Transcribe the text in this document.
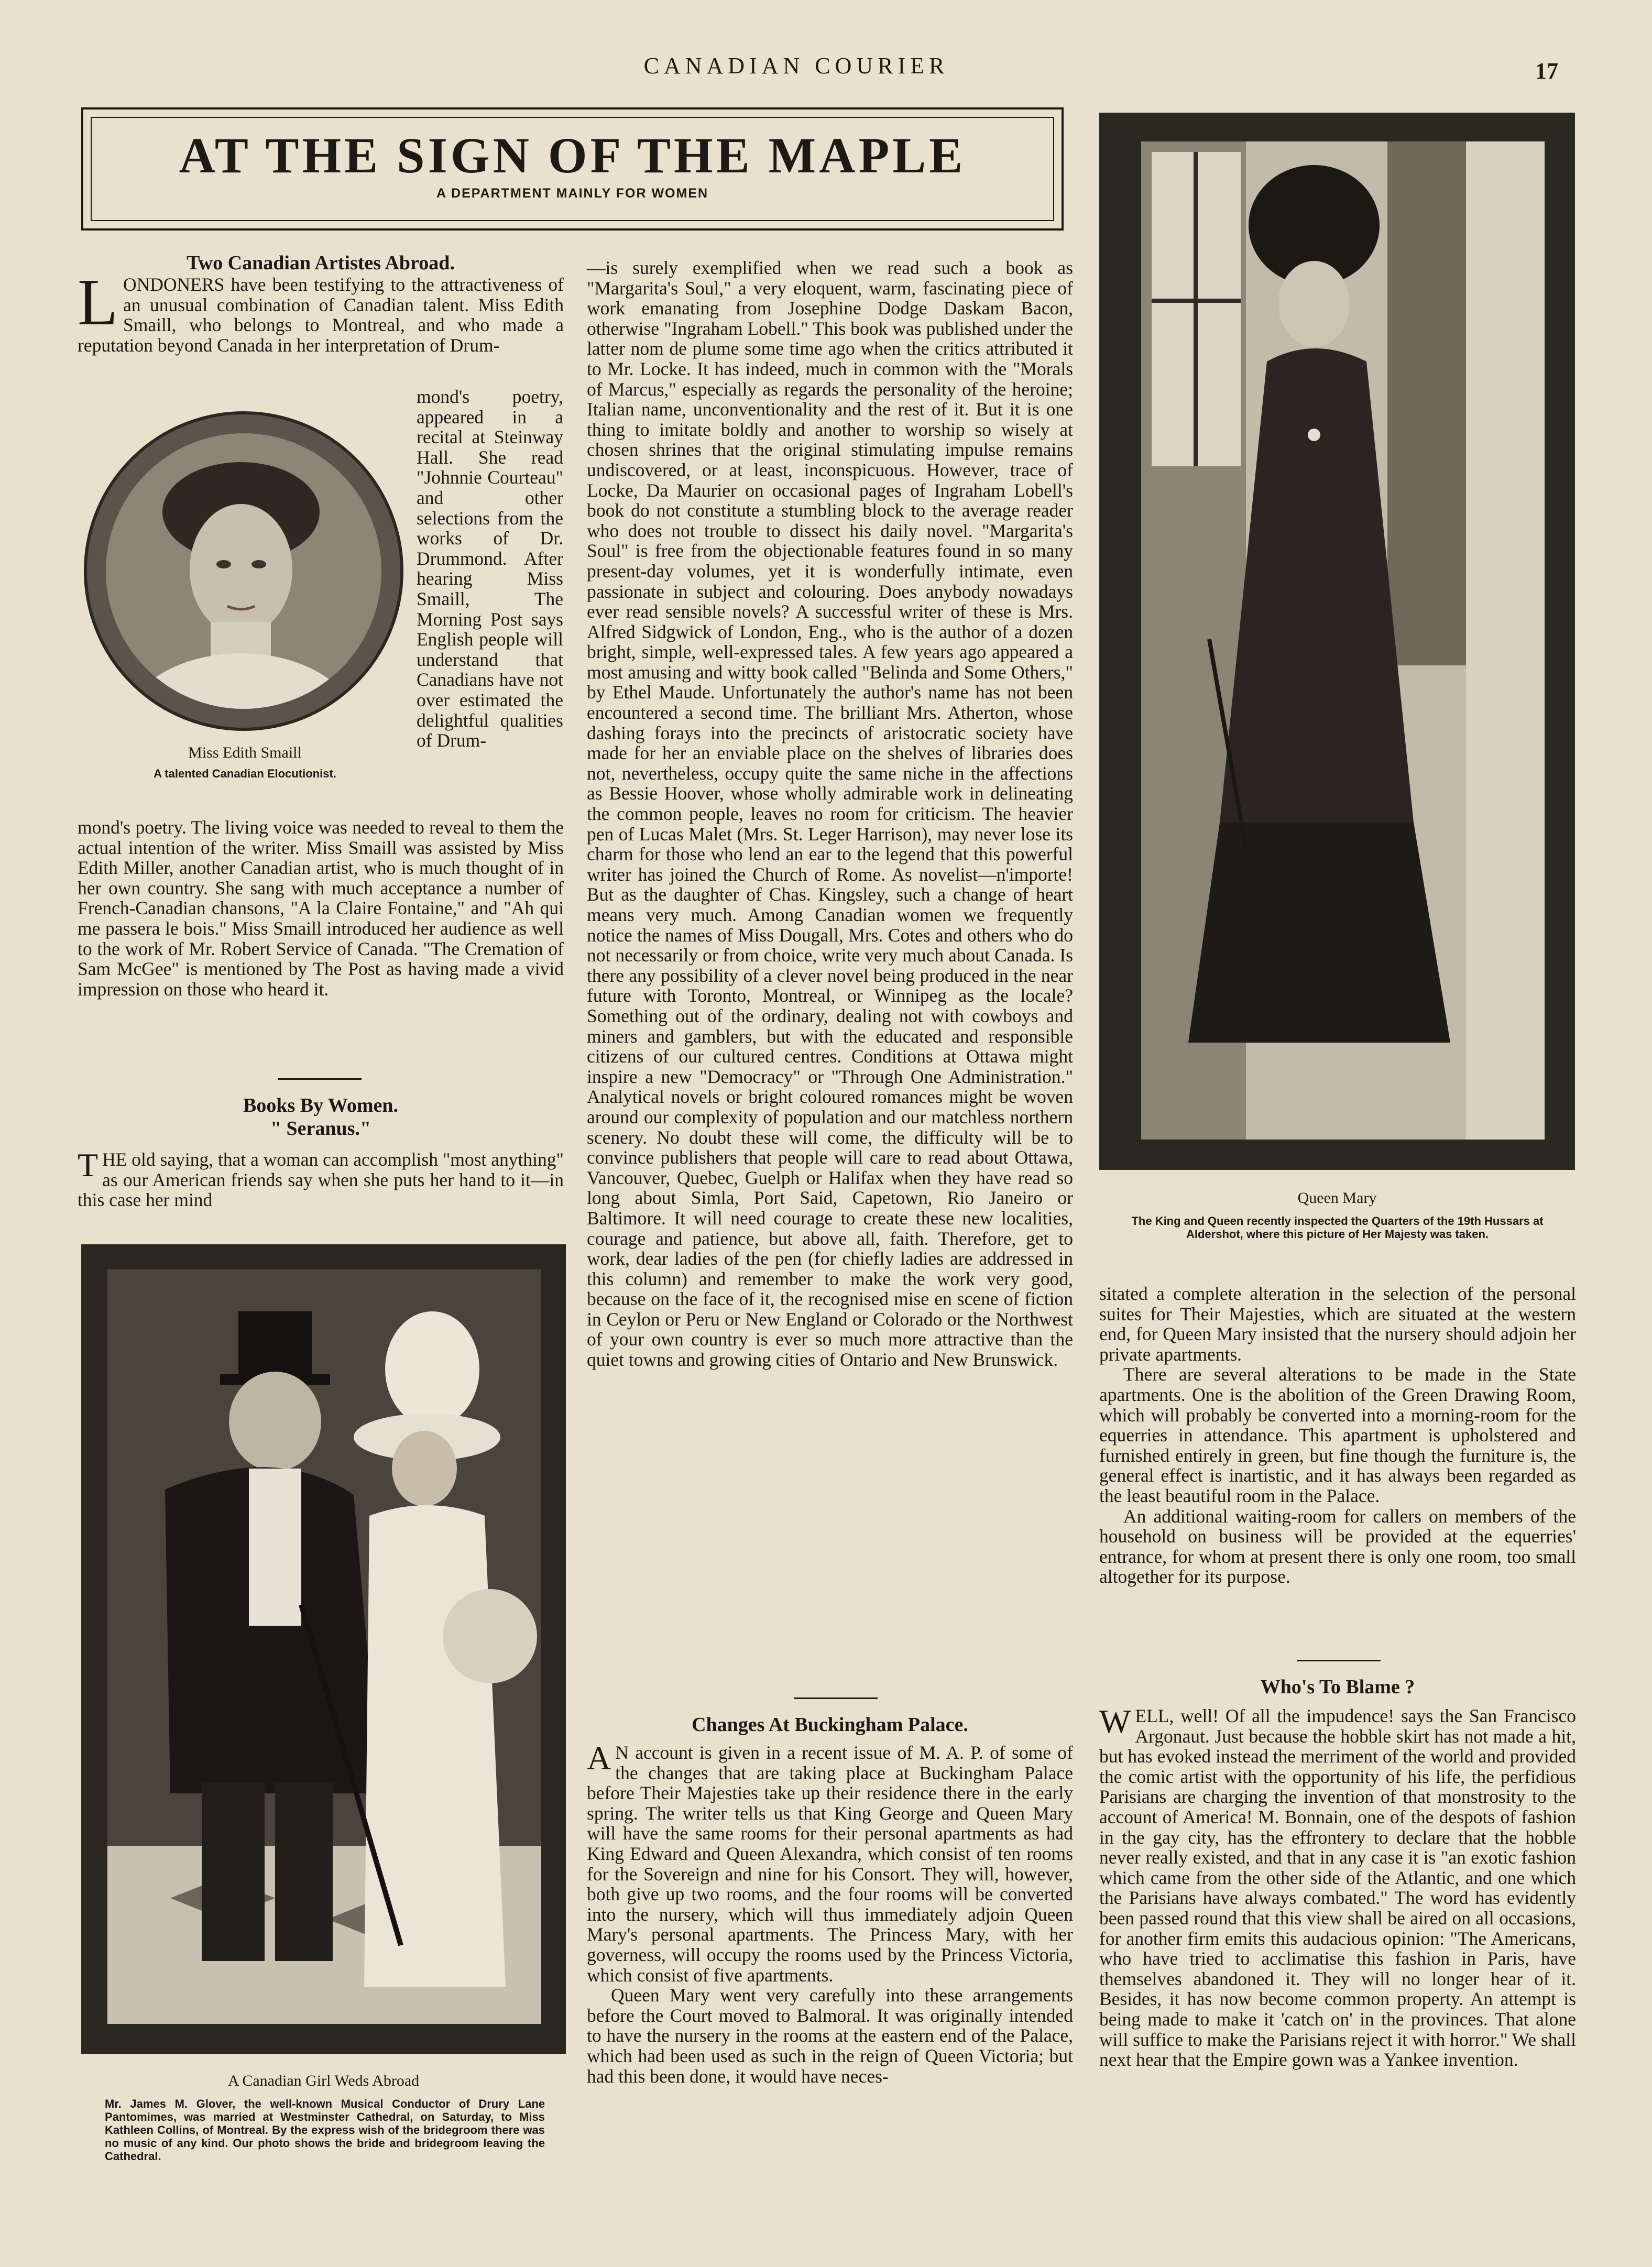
CANADIAN COURIER	17
AT THE SIGN OF THE MAPLE
A DEPARTMENT MAINLY FOR WOMEN
Two Canadian Artistes Abroad.

L ONDONERS have been testifying to the attractiveness of an unusual combination of Canadian talent. Miss Edith Smaill, who belongs to Montreal, and who made a reputation beyond Canada in her interpretation of Drum-

Miss Edith Smaill
A talented Canadian Elocutionist.

mond's poetry, appeared in a recital at Steinway Hall. She read "Johnnie Courteau" and other selections from the works of Dr. Drummond. After hearing Miss Smaill, The Morning Post says English people will understand that Canadians have not over estimated the delightful qualities of Drum-

mond's poetry. The living voice was needed to reveal to them the actual intention of the writer. Miss Smaill was assisted by Miss Edith Miller, another Canadian artist, who is much thought of in her own country. She sang with much acceptance a number of French-Canadian chansons, "A la Claire Fontaine," and "Ah qui me passera le bois." Miss Smaill introduced her audience as well to the work of Mr. Robert Service of Canada. "The Cremation of Sam McGee" is mentioned by The Post as having made a vivid impression on those who heard it.

Books By Women.
" Seranus."

T HE old saying, that a woman can accomplish "most anything" as our American friends say when she puts her hand to it—in this case her mind

A Canadian Girl Weds Abroad
Mr. James M. Glover, the well-known Musical Conductor of Drury Lane Pantomimes, was married at Westminster Cathedral, on Saturday, to Miss Kathleen Collins, of Montreal. By the express wish of the bridegroom there was no music of any kind. Our photo shows the bride and bridegroom leaving the Cathedral.

—is surely exemplified when we read such a book as "Margarita's Soul," a very eloquent, warm, fascinating piece of work emanating from Josephine Dodge Daskam Bacon, otherwise "Ingraham Lobell." This book was published under the latter nom de plume some time ago when the critics attributed it to Mr. Locke. It has indeed, much in common with the "Morals of Marcus," especially as regards the personality of the heroine; Italian name, unconventionality and the rest of it. But it is one thing to imitate boldly and another to worship so wisely at chosen shrines that the original stimulating impulse remains undiscovered, or at least, inconspicuous. However, trace of Locke, Da Maurier on occasional pages of Ingraham Lobell's book do not constitute a stumbling block to the average reader who does not trouble to dissect his daily novel. "Margarita's Soul" is free from the objectionable features found in so many present-day volumes, yet it is wonderfully intimate, even passionate in subject and colouring. Does anybody nowadays ever read sensible novels? A successful writer of these is Mrs. Alfred Sidgwick of London, Eng., who is the author of a dozen bright, simple, well-expressed tales. A few years ago appeared a most amusing and witty book called "Belinda and Some Others," by Ethel Maude. Unfortunately the author's name has not been encountered a second time. The brilliant Mrs. Atherton, whose dashing forays into the precincts of aristocratic society have made for her an enviable place on the shelves of libraries does not, nevertheless, occupy quite the same niche in the affections as Bessie Hoover, whose wholly admirable work in delineating the common people, leaves no room for criticism. The heavier pen of Lucas Malet (Mrs. St. Leger Harrison), may never lose its charm for those who lend an ear to the legend that this powerful writer has joined the Church of Rome. As novelist—n'importe! But as the daughter of Chas. Kingsley, such a change of heart means very much. Among Canadian women we frequently notice the names of Miss Dougall, Mrs. Cotes and others who do not necessarily or from choice, write very much about Canada. Is there any possibility of a clever novel being produced in the near future with Toronto, Montreal, or Winnipeg as the locale? Something out of the ordinary, dealing not with cowboys and miners and gamblers, but with the educated and responsible citizens of our cultured centres. Conditions at Ottawa might inspire a new "Democracy" or "Through One Administration." Analytical novels or bright coloured romances might be woven around our complexity of population and our matchless northern scenery. No doubt these will come, the difficulty will be to convince publishers that people will care to read about Ottawa, Vancouver, Quebec, Guelph or Halifax when they have read so long about Simla, Port Said, Capetown, Rio Janeiro or Baltimore. It will need courage to create these new localities, courage and patience, but above all, faith. Therefore, get to work, dear ladies of the pen (for chiefly ladies are addressed in this column) and remember to make the work very good, because on the face of it, the recognised mise en scene of fiction in Ceylon or Peru or New England or Colorado or the Northwest of your own country is ever so much more attractive than the quiet towns and growing cities of Ontario and New Brunswick.

Changes At Buckingham Palace.

A N account is given in a recent issue of M. A. P. of some of the changes that are taking place at Buckingham Palace before Their Majesties take up their residence there in the early spring. The writer tells us that King George and Queen Mary will have the same rooms for their personal apartments as had King Edward and Queen Alexandra, which consist of ten rooms for the Sovereign and nine for his Consort. They will, however, both give up two rooms, and the four rooms will be converted into the nursery, which will thus immediately adjoin Queen Mary's personal apartments. The Princess Mary, with her governess, will occupy the rooms used by the Princess Victoria, which consist of five apartments.

Queen Mary went very carefully into these arrangements before the Court moved to Balmoral. It was originally intended to have the nursery in the rooms at the eastern end of the Palace, which had been used as such in the reign of Queen Victoria; but had this been done, it would have neces-

Queen Mary
The King and Queen recently inspected the Quarters of the 19th Hussars at Aldershot, where this picture of Her Majesty was taken.

sitated a complete alteration in the selection of the personal suites for Their Majesties, which are situated at the western end, for Queen Mary insisted that the nursery should adjoin her private apartments.

There are several alterations to be made in the State apartments. One is the abolition of the Green Drawing Room, which will probably be converted into a morning-room for the equerries in attendance. This apartment is upholstered and furnished entirely in green, but fine though the furniture is, the general effect is inartistic, and it has always been regarded as the least beautiful room in the Palace.

An additional waiting-room for callers on members of the household on business will be provided at the equerries' entrance, for whom at present there is only one room, too small altogether for its purpose.

Who's To Blame ?

W ELL, well! Of all the impudence! says the San Francisco Argonaut. Just because the hobble skirt has not made a hit, but has evoked instead the merriment of the world and provided the comic artist with the opportunity of his life, the perfidious Parisians are charging the invention of that monstrosity to the account of America! M. Bonnain, one of the despots of fashion in the gay city, has the effrontery to declare that the hobble never really existed, and that in any case it is "an exotic fashion which came from the other side of the Atlantic, and one which the Parisians have always combated." The word has evidently been passed round that this view shall be aired on all occasions, for another firm emits this audacious opinion: "The Americans, who have tried to acclimatise this fashion in Paris, have themselves abandoned it. They will no longer hear of it. Besides, it has now become common property. An attempt is being made to make it 'catch on' in the provinces. That alone will suffice to make the Parisians reject it with horror." We shall next hear that the Empire gown was a Yankee invention.
